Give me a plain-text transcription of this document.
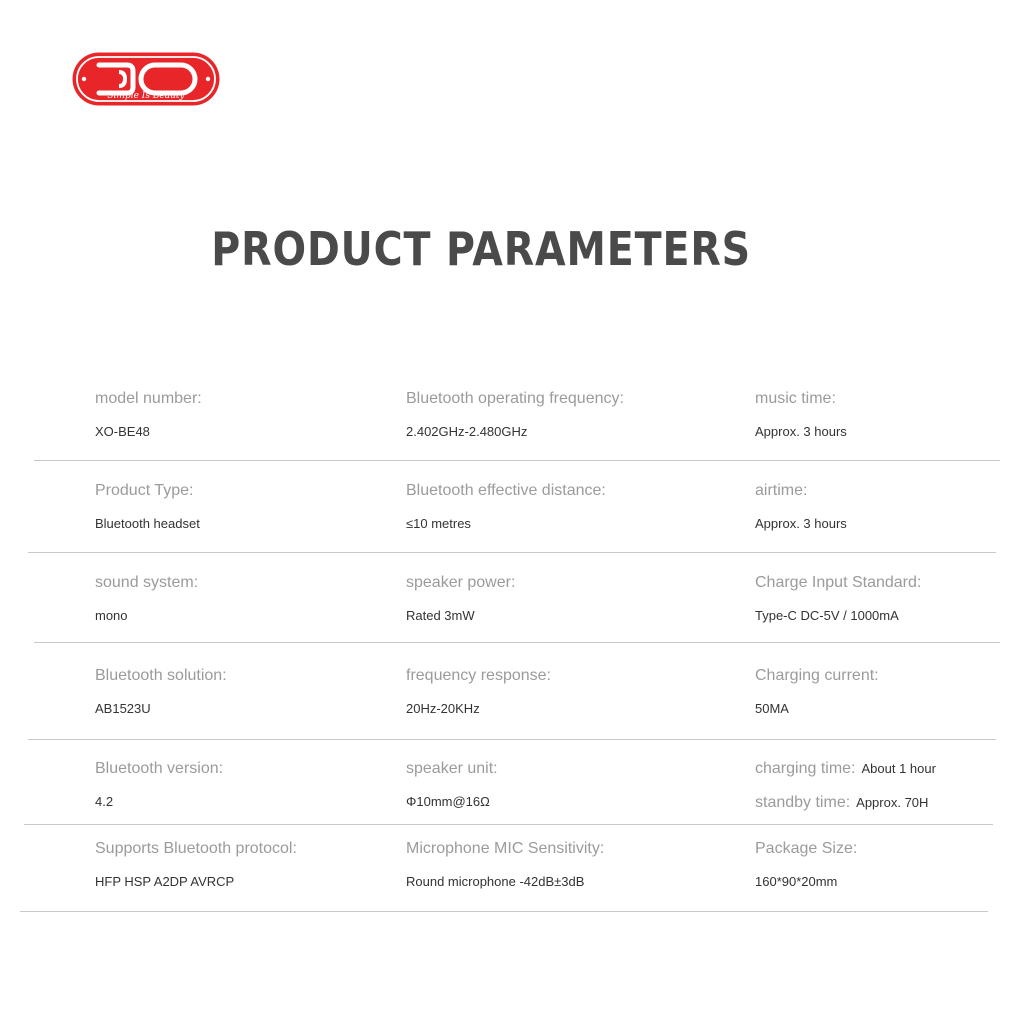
Simple Is Beauty
PRODUCT PARAMETERS
model number:
XO-BE48
Bluetooth operating frequency:
2.402GHz-2.480GHz
music time:
Approx. 3 hours
Product Type:
Bluetooth headset
Bluetooth effective distance:
≤10 metres
airtime:
Approx. 3 hours
sound system:
mono
speaker power:
Rated 3mW
Charge Input Standard:
Type-C DC-5V / 1000mA
Bluetooth solution:
AB1523U
frequency response:
20Hz-20KHz
Charging current:
50MA
Bluetooth version:
4.2
speaker unit:
Φ10mm@16Ω
charging time: About 1 hour
standby time: Approx. 70H
Supports Bluetooth protocol:
HFP HSP A2DP AVRCP
Microphone MIC Sensitivity:
Round microphone -42dB±3dB
Package Size:
160*90*20mm
